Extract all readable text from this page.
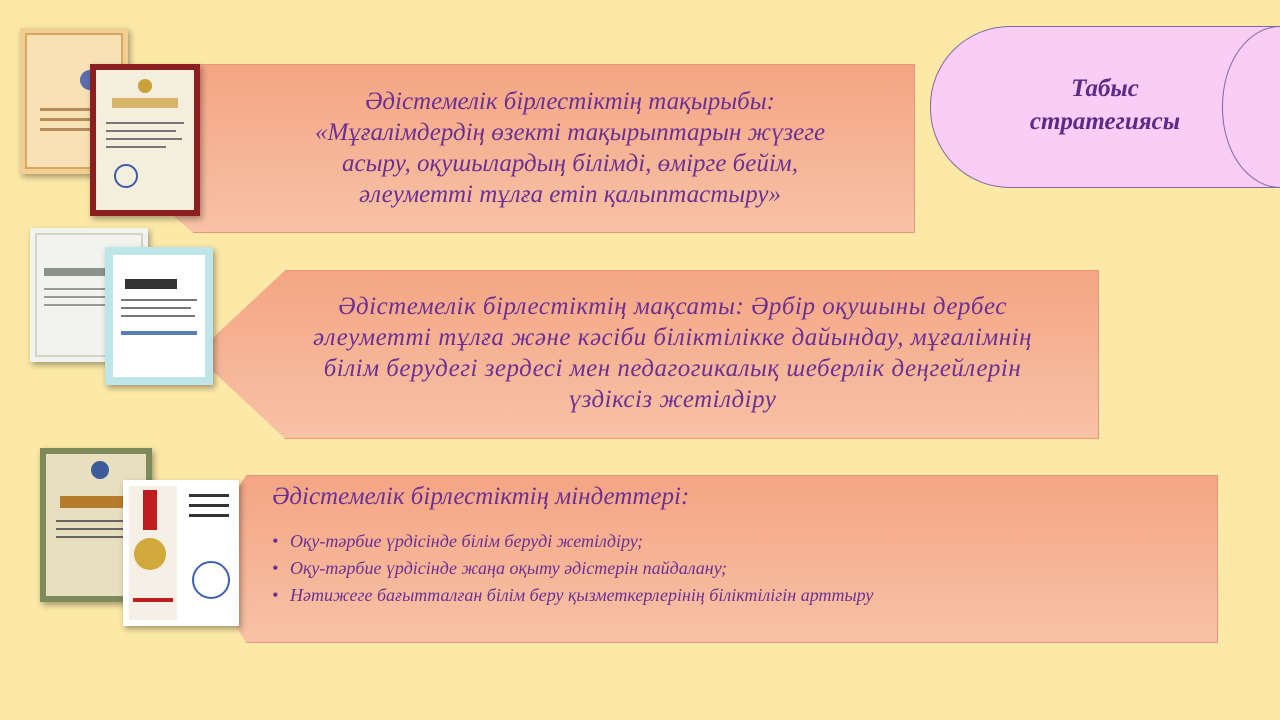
Әдістемелік бірлестіктің тақырыбы:
«Мұғалімдердің өзекті тақырыптарын жүзеге
асыру, оқушылардың білімді, өмірге бейім,
әлеуметті тұлға етіп қалыптастыру»
Әдістемелік бірлестіктің мақсаты: Әрбір оқушыны дербес
әлеуметті тұлға және кәсіби біліктілікке дайындау, мұғалімнің
білім берудегі зердесі мен педагогикалық шеберлік деңгейлерін
үздіксіз жетілдіру
Әдістемелік бірлестіктің міндеттері:
• Оқу-тәрбие үрдісінде білім беруді жетілдіру;
• Оқу-тәрбие үрдісінде жаңа оқыту әдістерін пайдалану;
• Нәтижеге бағытталған білім беру қызметкерлерінің біліктілігін арттыру
Табыс
стратегиясы
